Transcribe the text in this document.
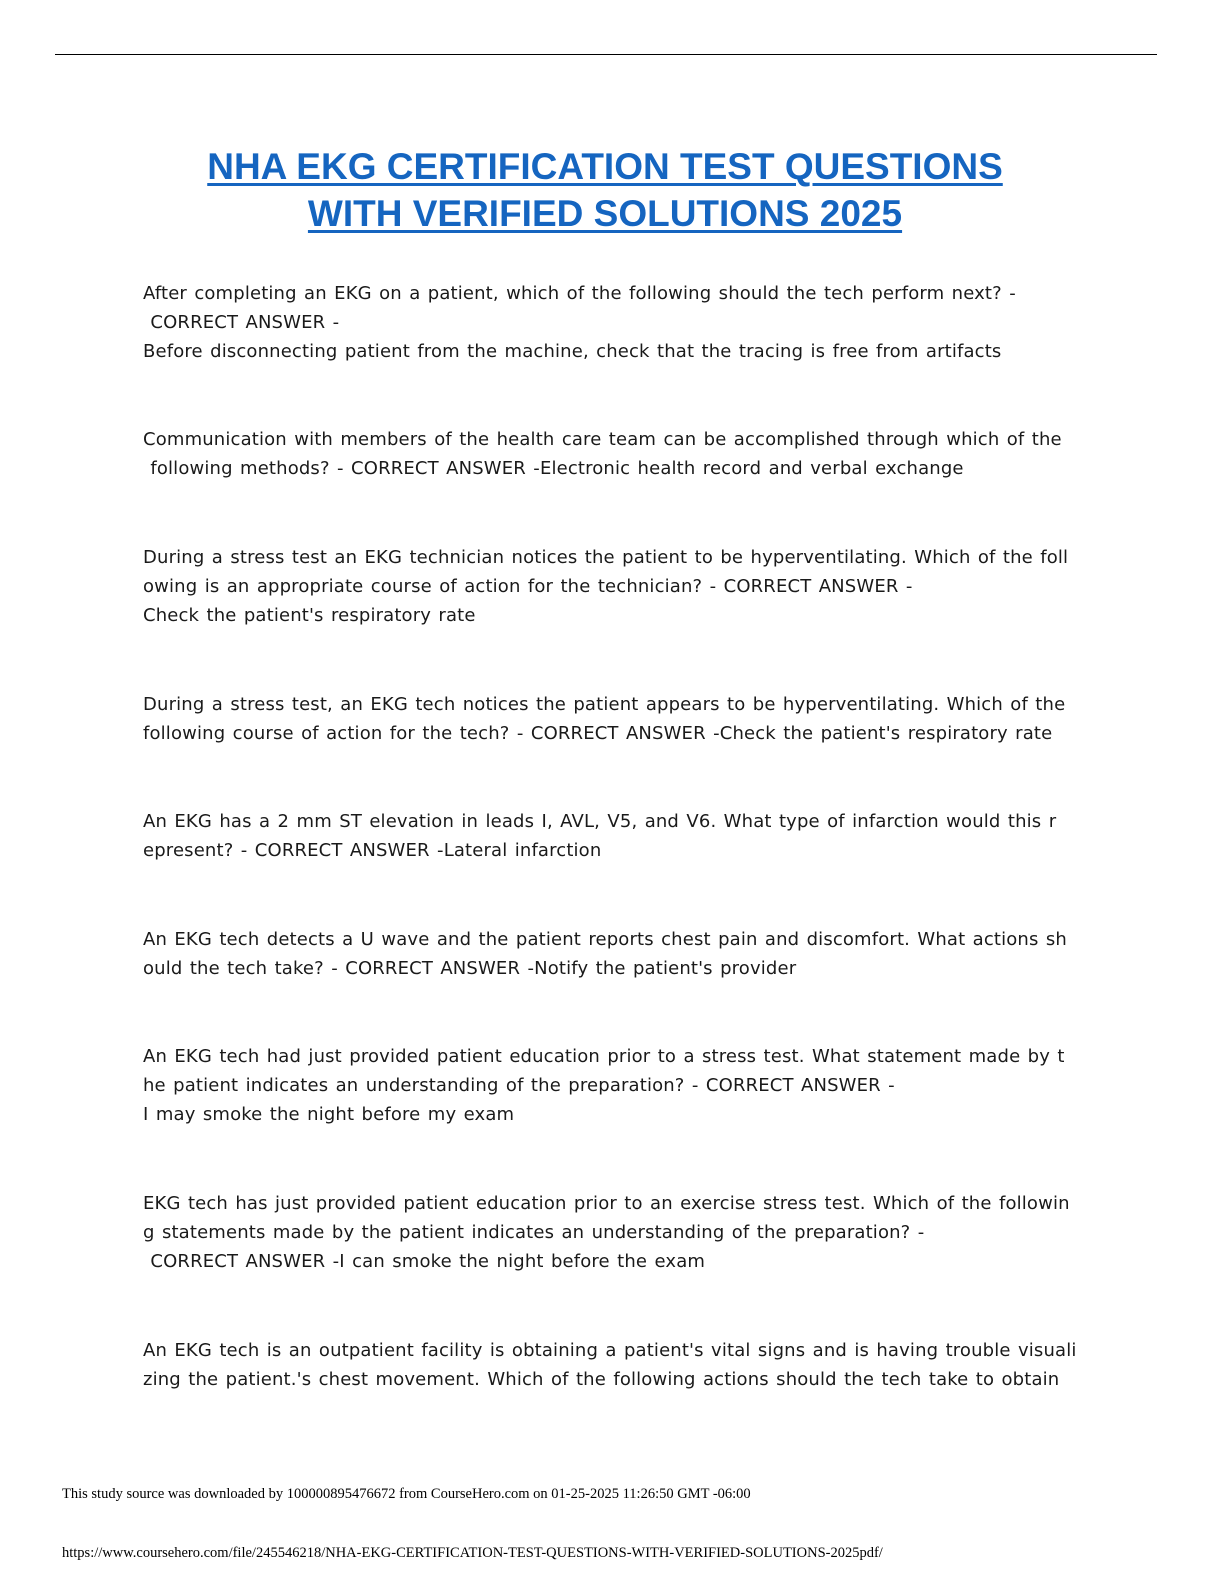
NHA EKG CERTIFICATION TEST QUESTIONS
WITH VERIFIED SOLUTIONS 2025
After completing an EKG on a patient, which of the following should the tech perform next? -
CORRECT ANSWER -
Before disconnecting patient from the machine, check that the tracing is free from artifacts
Communication with members of the health care team can be accomplished through which of the
following methods? - CORRECT ANSWER -Electronic health record and verbal exchange
During a stress test an EKG technician notices the patient to be hyperventilating. Which of the foll
owing is an appropriate course of action for the technician? - CORRECT ANSWER -
Check the patient's respiratory rate
During a stress test, an EKG tech notices the patient appears to be hyperventilating. Which of the
following course of action for the tech? - CORRECT ANSWER -Check the patient's respiratory rate
An EKG has a 2 mm ST elevation in leads I, AVL, V5, and V6. What type of infarction would this r
epresent? - CORRECT ANSWER -Lateral infarction
An EKG tech detects a U wave and the patient reports chest pain and discomfort. What actions sh
ould the tech take? - CORRECT ANSWER -Notify the patient's provider
An EKG tech had just provided patient education prior to a stress test. What statement made by t
he patient indicates an understanding of the preparation? - CORRECT ANSWER -
I may smoke the night before my exam
EKG tech has just provided patient education prior to an exercise stress test. Which of the followin
g statements made by the patient indicates an understanding of the preparation? -
CORRECT ANSWER -I can smoke the night before the exam
An EKG tech is an outpatient facility is obtaining a patient's vital signs and is having trouble visuali
zing the patient.'s chest movement. Which of the following actions should the tech take to obtain
This study source was downloaded by 100000895476672 from CourseHero.com on 01-25-2025 11:26:50 GMT -06:00
https://www.coursehero.com/file/245546218/NHA-EKG-CERTIFICATION-TEST-QUESTIONS-WITH-VERIFIED-SOLUTIONS-2025pdf/
